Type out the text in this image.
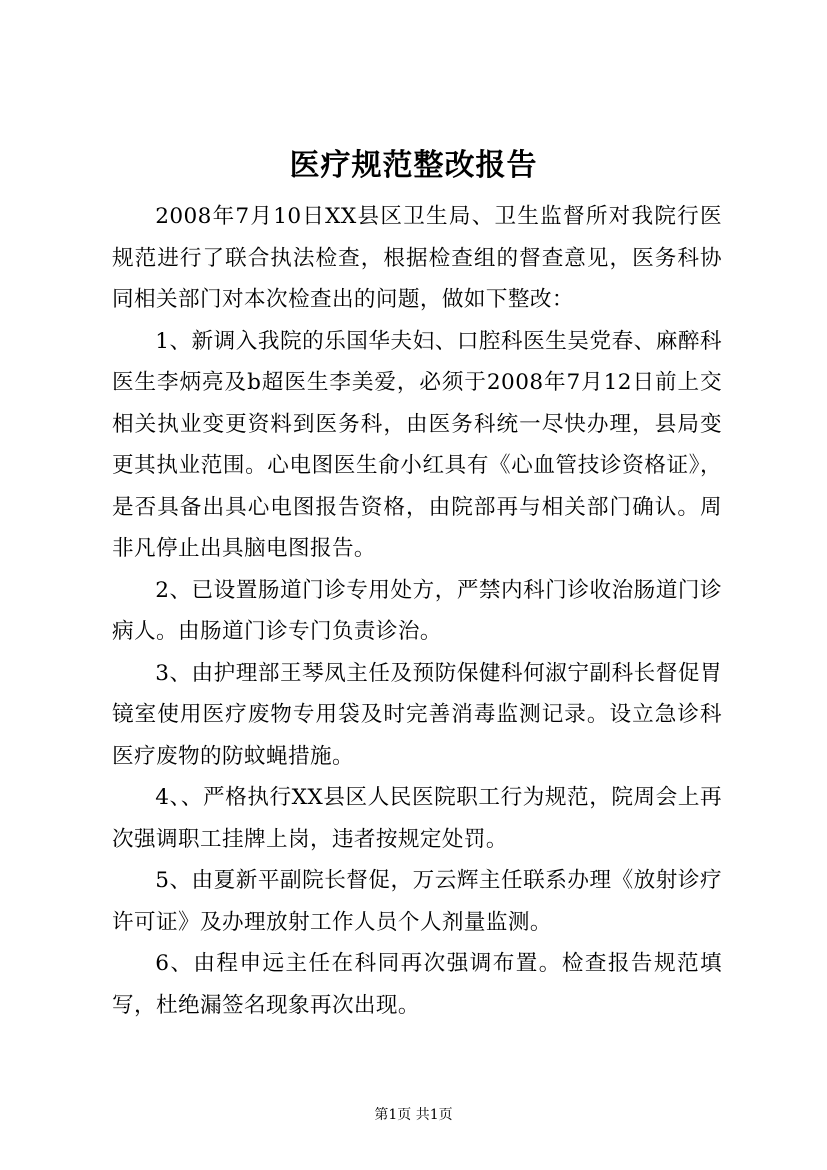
医疗规范整改报告

2008年7月10日XX县区卫生局、卫生监督所对我院行医规范进行了联合执法检查，根据检查组的督查意见，医务科协同相关部门对本次检查出的问题，做如下整改：

1、新调入我院的乐国华夫妇、口腔科医生吴党春、麻醉科医生李炳亮及b超医生李美爱，必须于2008年7月12日前上交相关执业变更资料到医务科，由医务科统一尽快办理，县局变更其执业范围。心电图医生俞小红具有《心血管技诊资格证》，是否具备出具心电图报告资格，由院部再与相关部门确认。周非凡停止出具脑电图报告。

2、已设置肠道门诊专用处方，严禁内科门诊收治肠道门诊病人。由肠道门诊专门负责诊治。

3、由护理部王琴凤主任及预防保健科何淑宁副科长督促胃镜室使用医疗废物专用袋及时完善消毒监测记录。设立急诊科医疗废物的防蚊蝇措施。

4、、严格执行XX县区人民医院职工行为规范，院周会上再次强调职工挂牌上岗，违者按规定处罚。

5、由夏新平副院长督促，万云辉主任联系办理《放射诊疗许可证》及办理放射工作人员个人剂量监测。

6、由程申远主任在科同再次强调布置。检查报告规范填写，杜绝漏签名现象再次出现。

第1页 共1页
